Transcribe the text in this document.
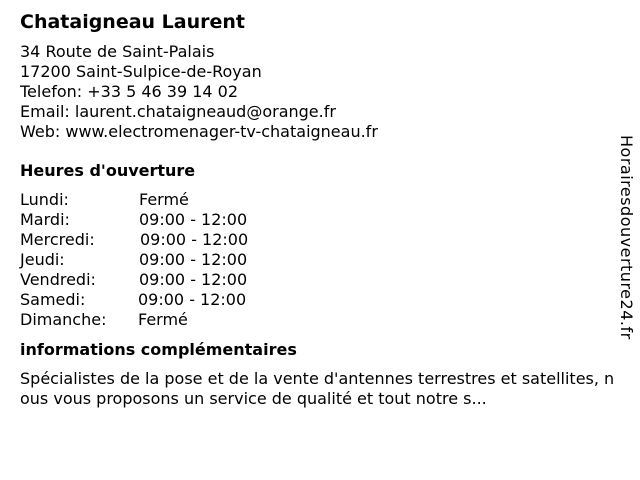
Chataigneau Laurent
34 Route de Saint-Palais
17200 Saint-Sulpice-de-Royan
Telefon: +33 5 46 39 14 02
Email: laurent.chataigneaud@orange.fr
Web: www.electromenager-tv-chataigneau.fr
Heures d'ouverture
Lundi:	Fermé
Mardi:	09:00 - 12:00
Mercredi:	09:00 - 12:00
Jeudi:	09:00 - 12:00
Vendredi:	09:00 - 12:00
Samedi:	09:00 - 12:00
Dimanche: Fermé
informations complémentaires
Spécialistes de la pose et de la vente d'antennes terrestres et satellites, nous vous proposons un service de qualité et tout notre s...
Horairesdouverture24.fr
